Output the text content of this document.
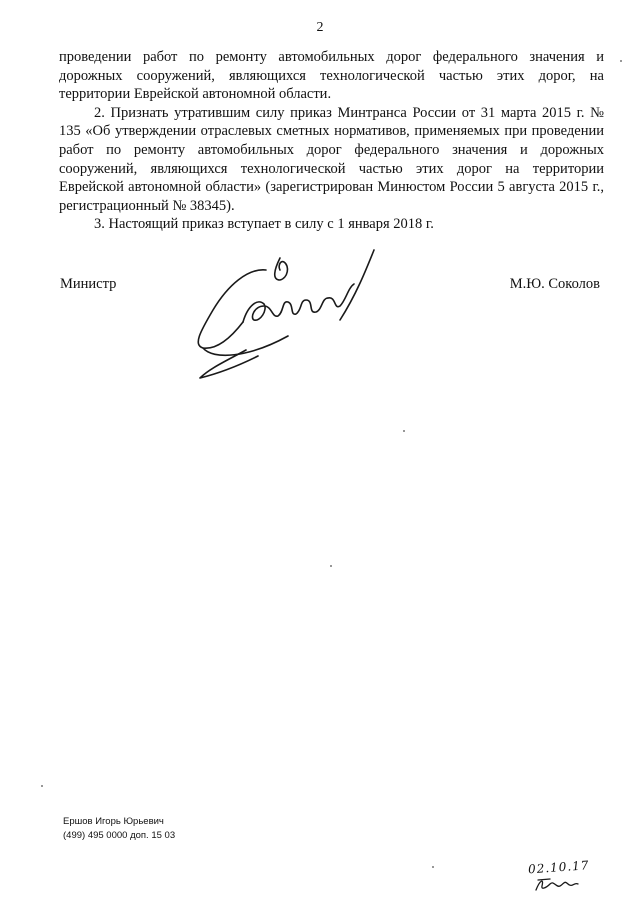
2

проведении работ по ремонту автомобильных дорог федерального значения и дорожных сооружений, являющихся технологической частью этих дорог, на территории Еврейской автономной области.

2. Признать утратившим силу приказ Минтранса России от 31 марта 2015 г. № 135 «Об утверждении отраслевых сметных нормативов, применяемых при проведении работ по ремонту автомобильных дорог федерального значения и дорожных сооружений, являющихся технологической частью этих дорог на территории Еврейской автономной области» (зарегистрирован Минюстом России 5 августа 2015 г., регистрационный № 38345).

3. Настоящий приказ вступает в силу с 1 января 2018 г.

Министр	М.Ю. Соколов
Ершов Игорь Юрьевич
(499) 495 0000 доп. 15 03
02.10.17
